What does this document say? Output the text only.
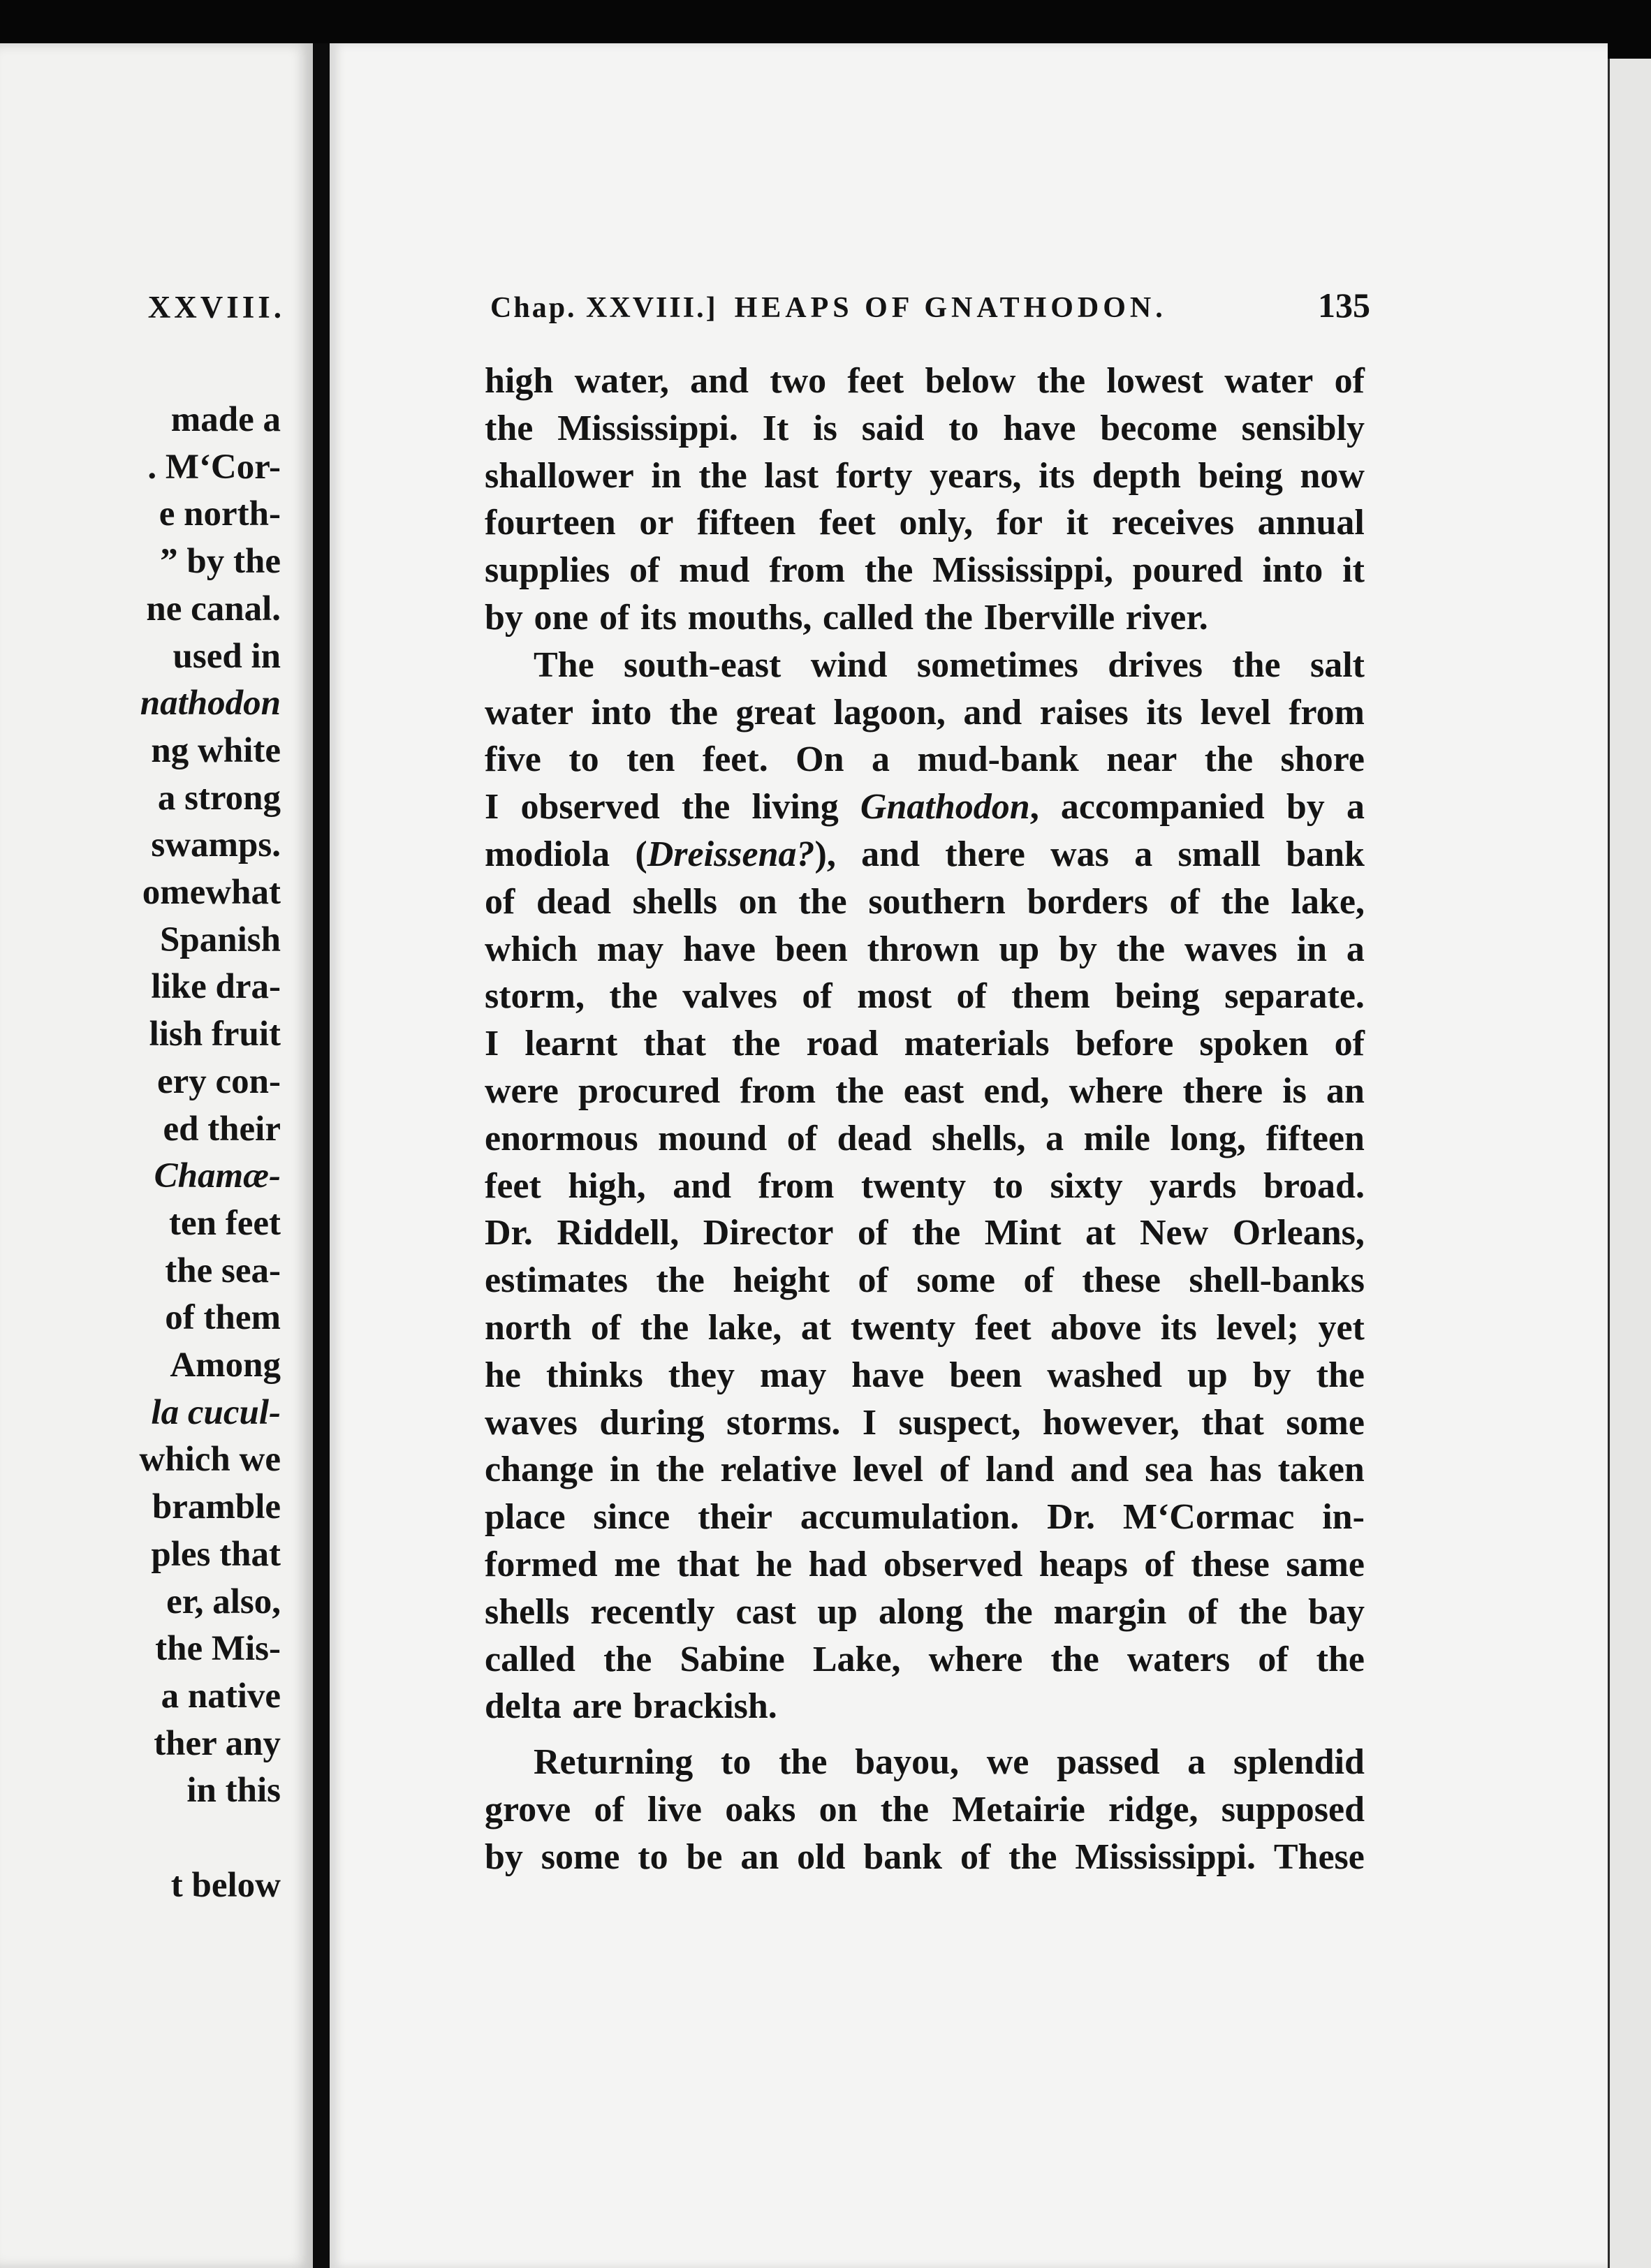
XXVIII.
made a
. M‘Cor-
e north-
” by the
ne canal.
used in
nathodon
ng white
a strong
swamps.
omewhat
Spanish
like dra-
lish fruit
ery con-
ed their
Chamæ-
ten feet
the sea-
of them
Among
la cucul-
which we
bramble
ples that
er, also,
the Mis-
a native
ther any
in this

t below
Chap. XXVIII.] HEAPS OF GNATHODON.	135
high water, and two feet below the lowest water of
the Mississippi. It is said to have become sensibly
shallower in the last forty years, its depth being now
fourteen or fifteen feet only, for it receives annual
supplies of mud from the Mississippi, poured into it
by one of its mouths, called the Iberville river.
The south-east wind sometimes drives the salt
water into the great lagoon, and raises its level from
five to ten feet. On a mud-bank near the shore
I observed the living Gnathodon, accompanied by a
modiola (Dreissena?), and there was a small bank
of dead shells on the southern borders of the lake,
which may have been thrown up by the waves in a
storm, the valves of most of them being separate.
I learnt that the road materials before spoken of
were procured from the east end, where there is an
enormous mound of dead shells, a mile long, fifteen
feet high, and from twenty to sixty yards broad.
Dr. Riddell, Director of the Mint at New Orleans,
estimates the height of some of these shell-banks
north of the lake, at twenty feet above its level; yet
he thinks they may have been washed up by the
waves during storms. I suspect, however, that some
change in the relative level of land and sea has taken
place since their accumulation. Dr. M‘Cormac in-
formed me that he had observed heaps of these same
shells recently cast up along the margin of the bay
called the Sabine Lake, where the waters of the
delta are brackish.
Returning to the bayou, we passed a splendid
grove of live oaks on the Metairie ridge, supposed
by some to be an old bank of the Mississippi. These
